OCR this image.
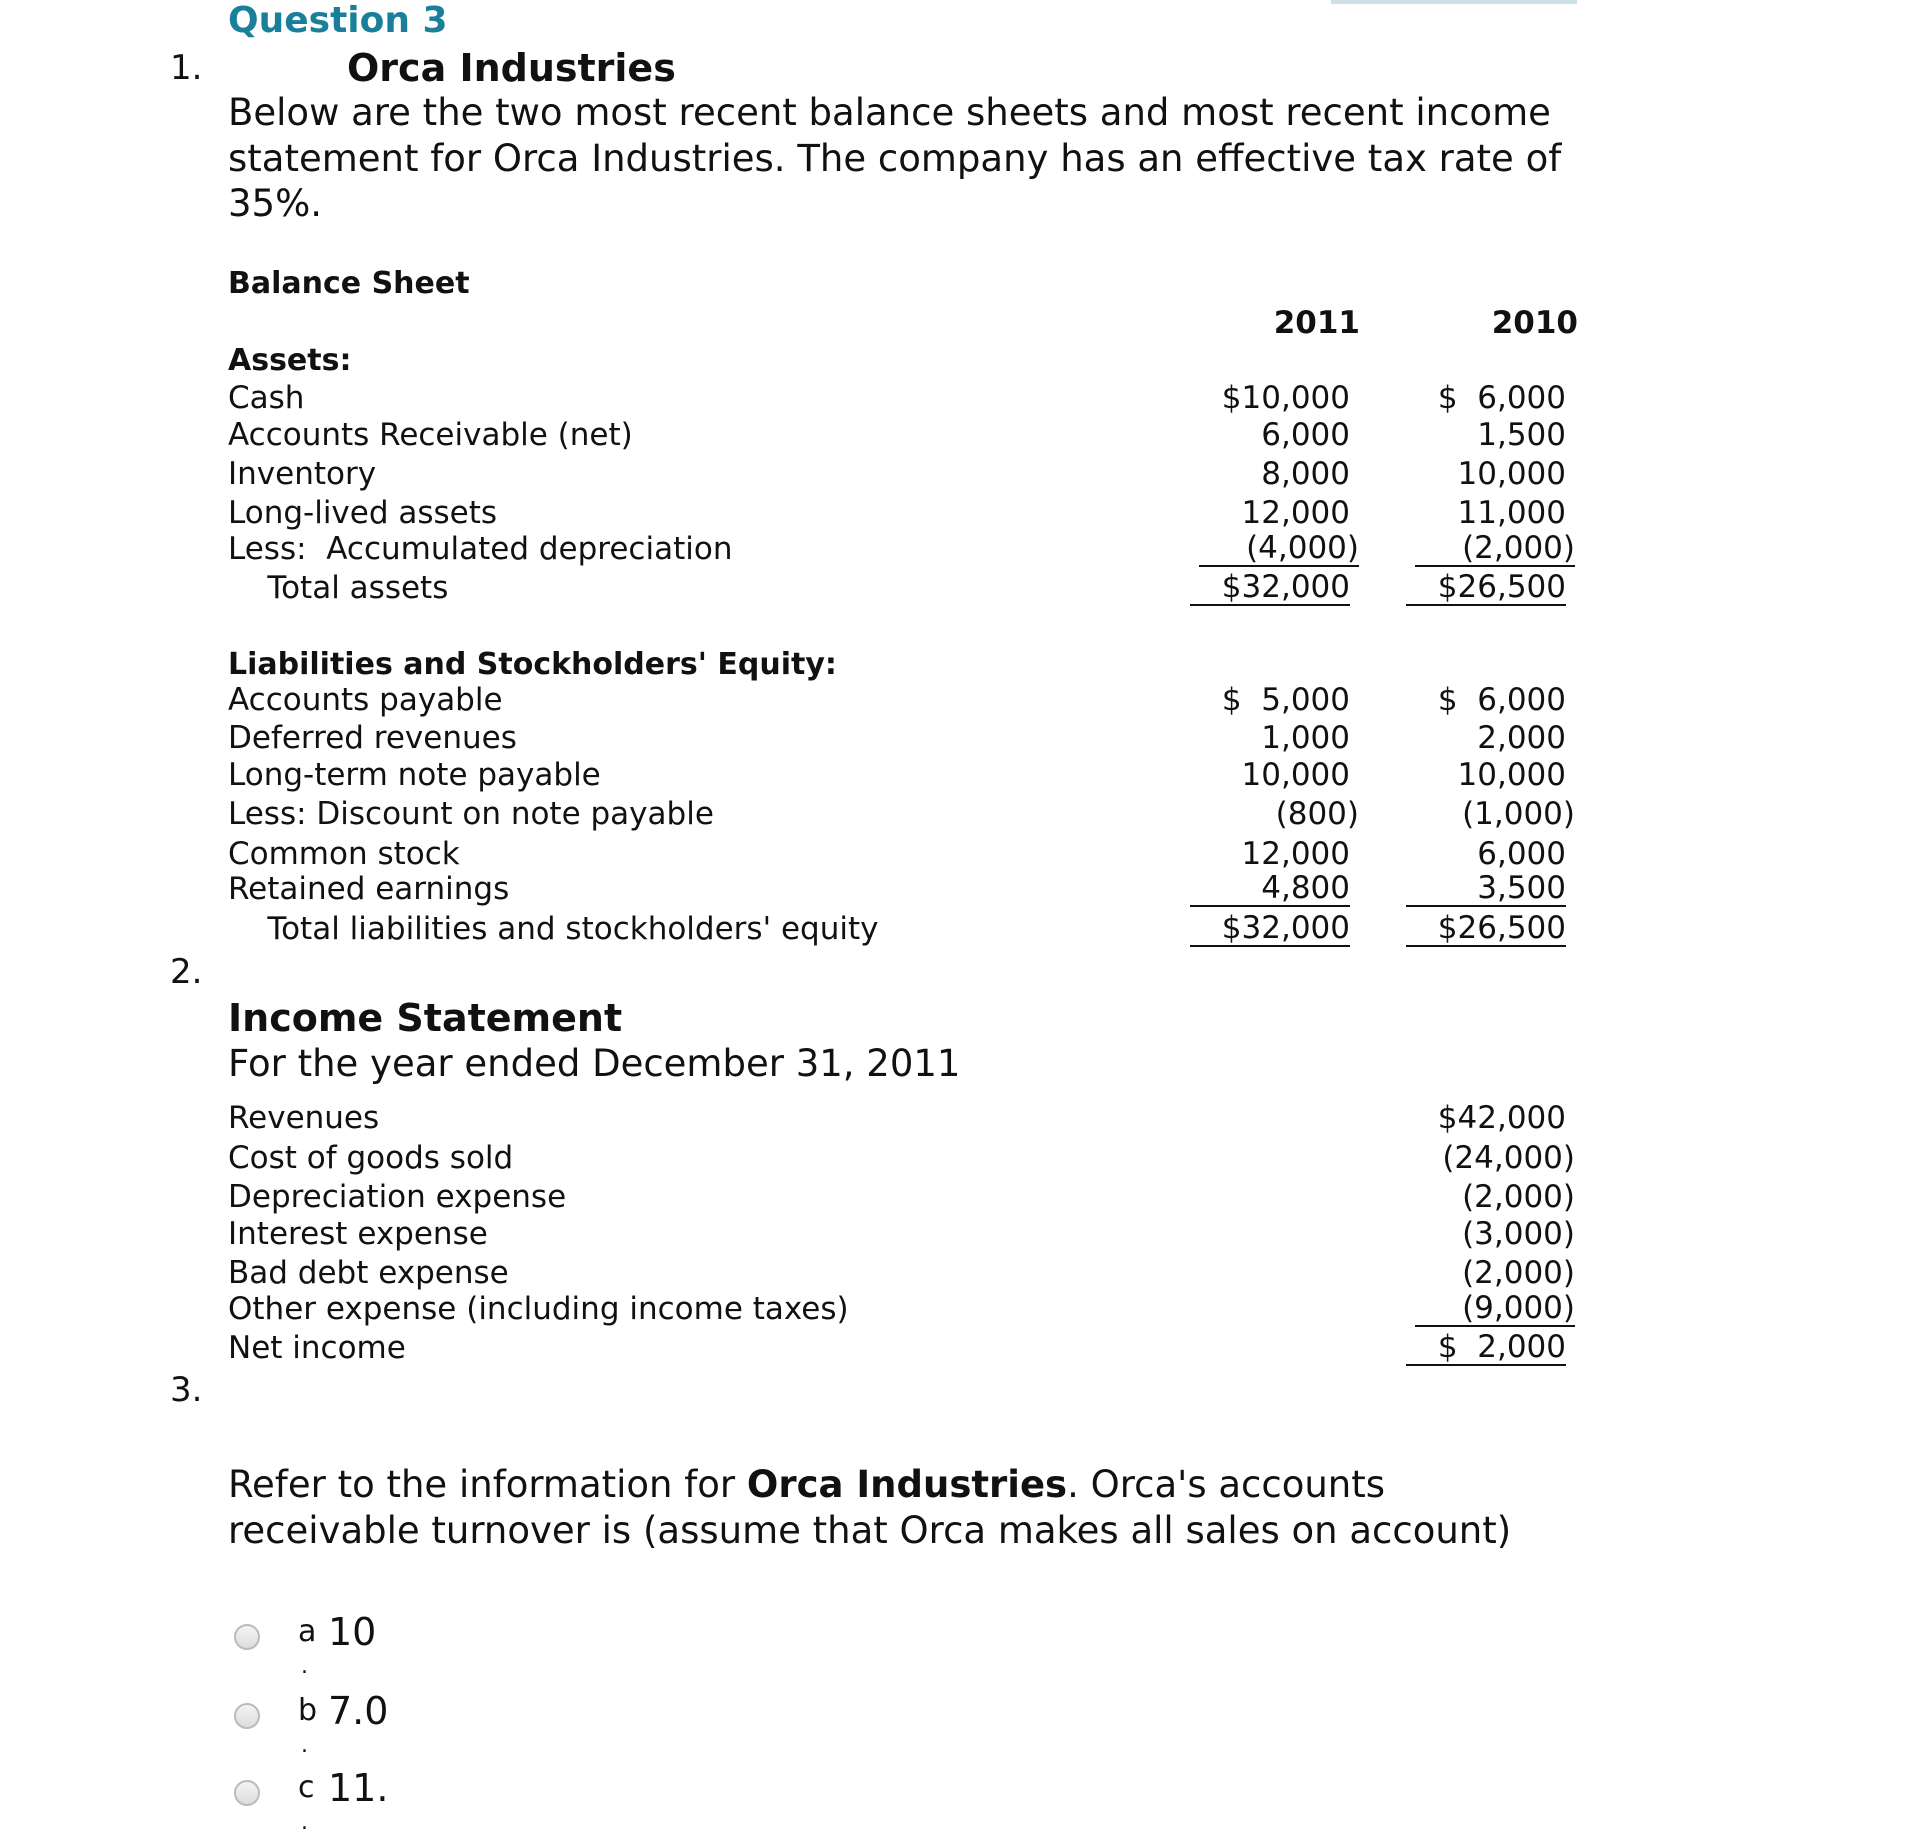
Question 3
1.	Orca Industries
Below are the two most recent balance sheets and most recent income statement for Orca Industries. The company has an effective tax rate of 35%.
Balance Sheet
2011	2010
Assets:
Liabilities and Stockholders' Equity:
2.
Income Statement
For the year ended December 31, 2011
3.
Refer to the information for Orca Industries. Orca's accounts receivable turnover is (assume that Orca makes all sales on account)
Cash	$10,000	$  6,000
Accounts Receivable (net)	6,000	1,500
Inventory	8,000	10,000
Long-lived assets	12,000	11,000
Less:  Accumulated depreciation	(4,000)	(2,000)
Total assets	$32,000	$26,500
Accounts payable	$  5,000	$  6,000
Deferred revenues	1,000	2,000
Long-term note payable	10,000	10,000
Less: Discount on note payable	(800)	(1,000)
Common stock	12,000	6,000
Retained earnings	4,800	3,500
Total liabilities and stockholders' equity	$32,000	$26,500
Revenues	$42,000
Cost of goods sold	(24,000)
Depreciation expense	(2,000)
Interest expense	(3,000)
Bad debt expense	(2,000)
Other expense (including income taxes)	(9,000)
Net income	$  2,000
a
.
10
b
.
7.0
c
.
11.
